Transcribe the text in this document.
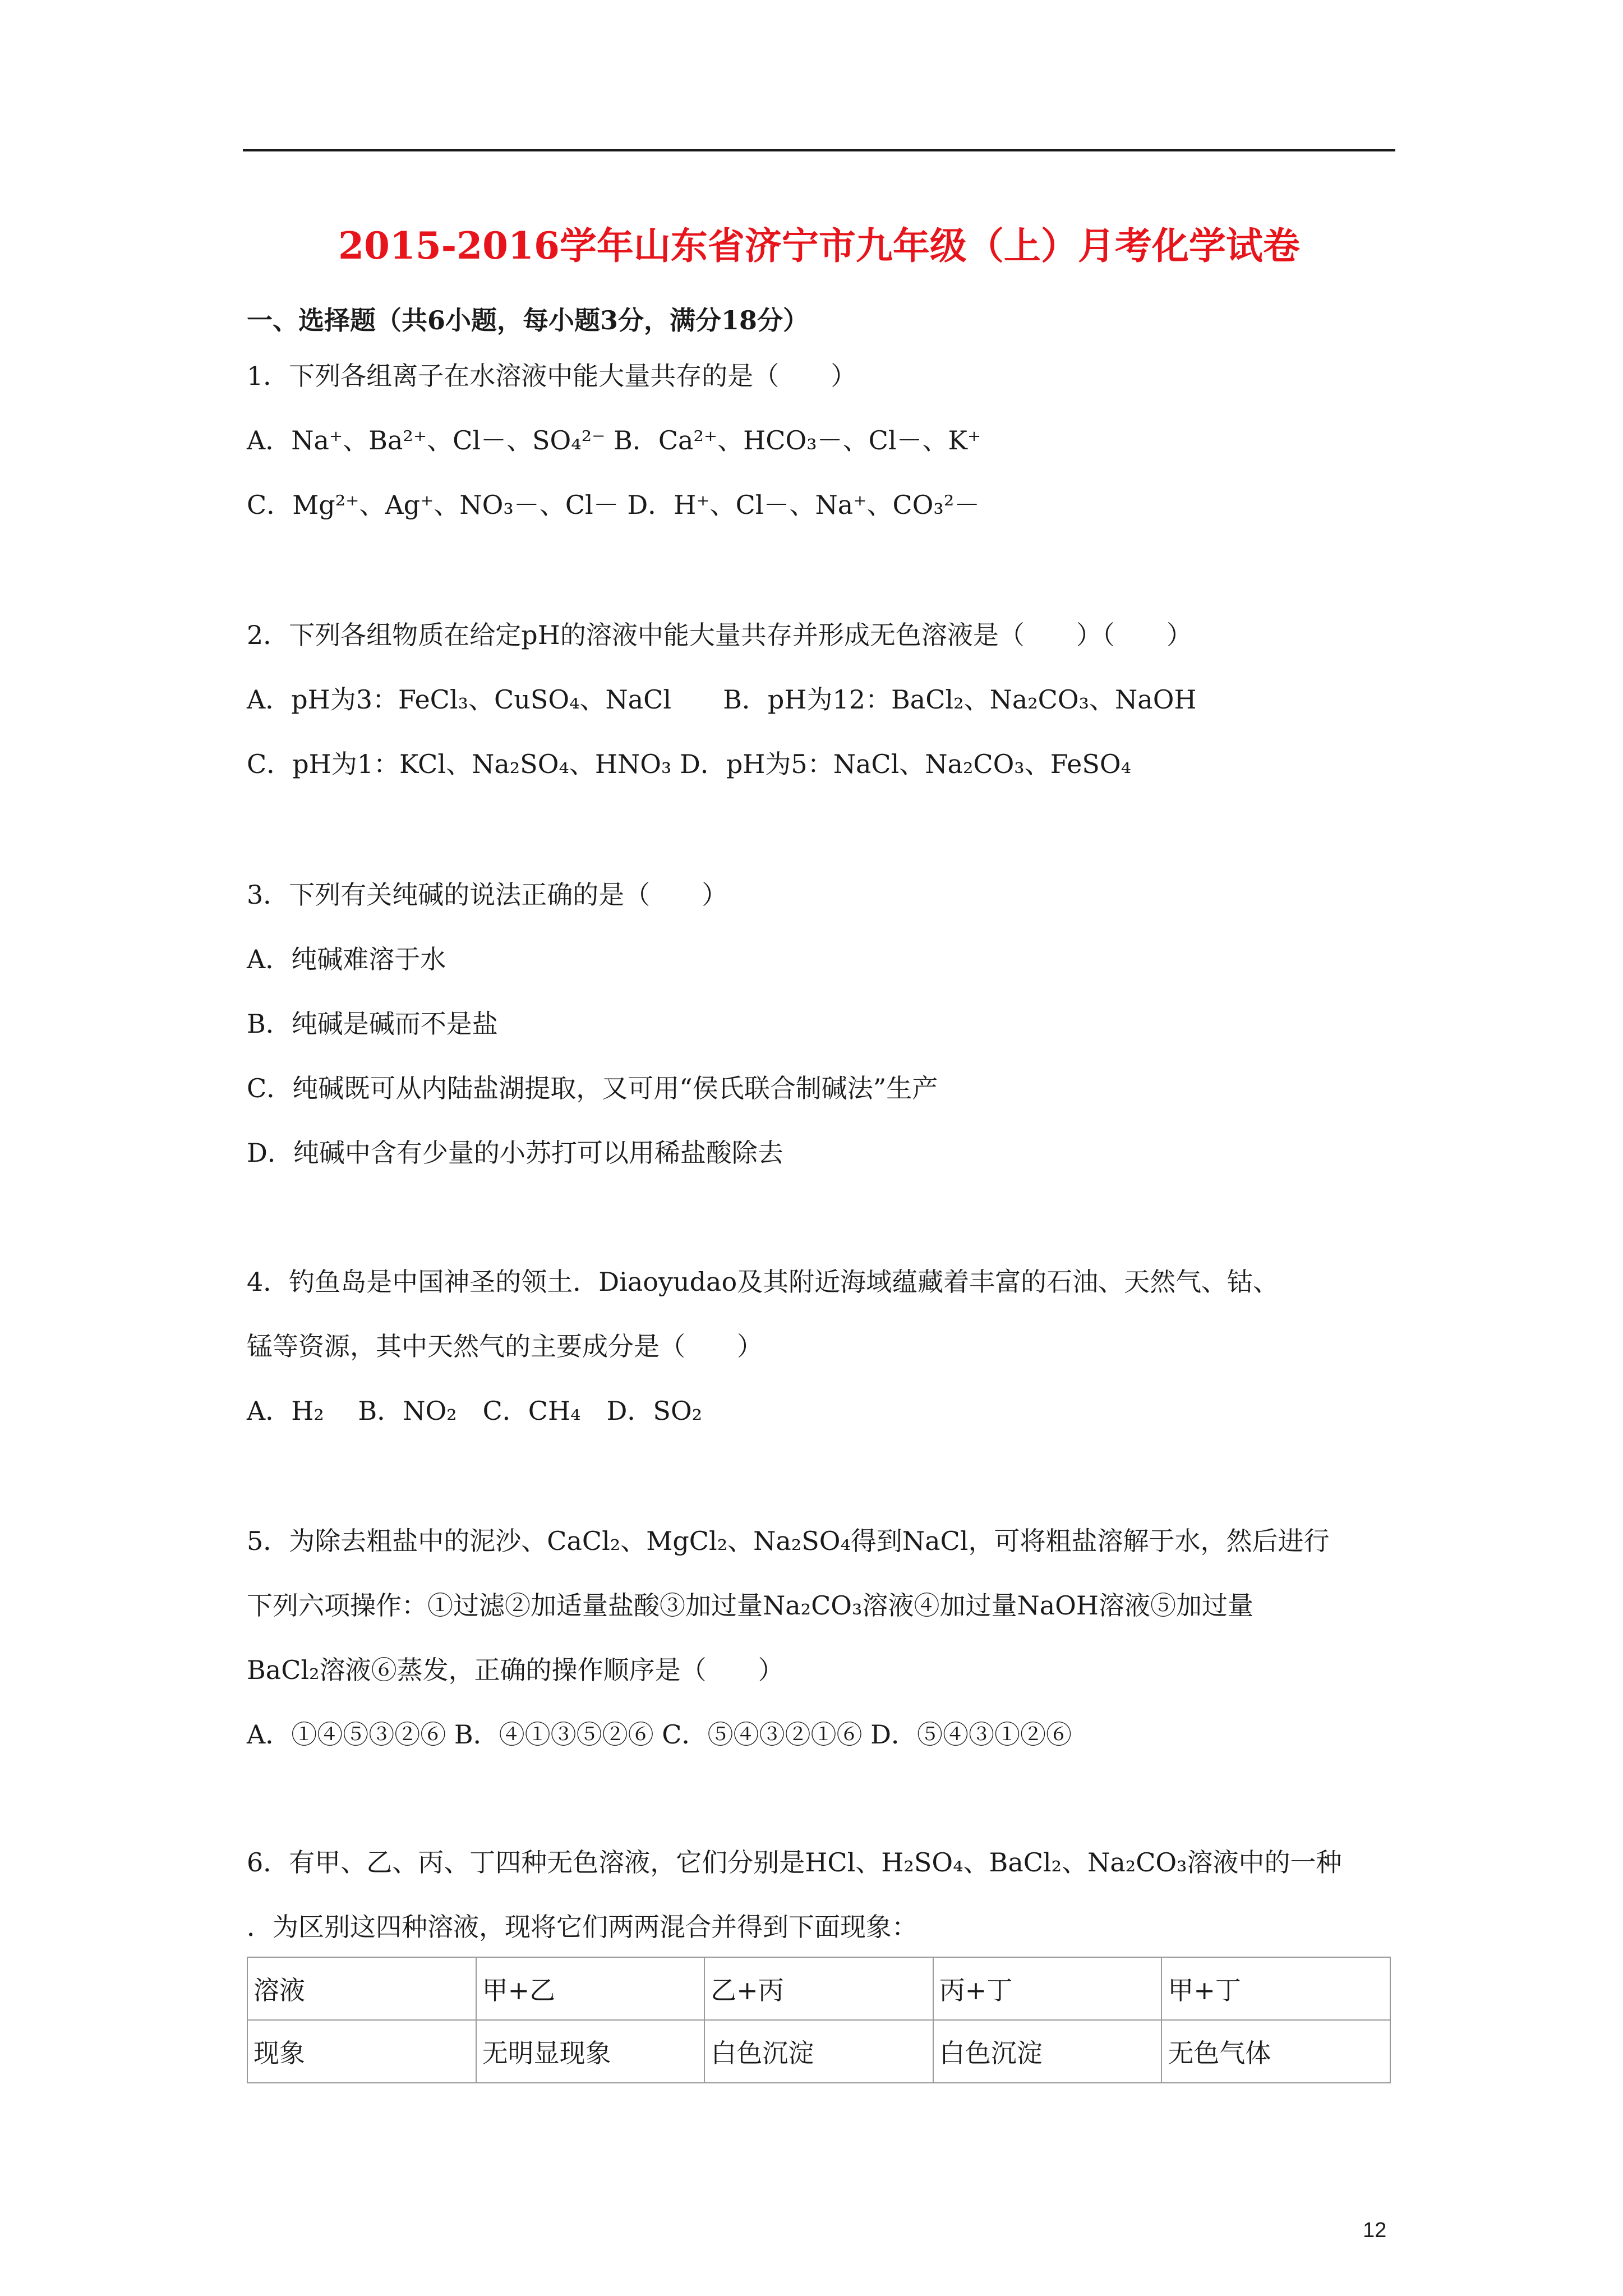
2015-2016学年山东省济宁市九年级（上）月考化学试卷
一、选择题（共6小题，每小题3分，满分18分）
1．下列各组离子在水溶液中能大量共存的是（　　）
A．Na⁺、Ba²⁺、Cl－、SO₄²⁻ B．Ca²⁺、HCO₃－、Cl－、K⁺
C．Mg²⁺、Ag⁺、NO₃－、Cl－ D．H⁺、Cl－、Na⁺、CO₃²－
2．下列各组物质在给定pH的溶液中能大量共存并形成无色溶液是（　　）（　　）
A．pH为3：FeCl₃、CuSO₄、NaCl　　B．pH为12：BaCl₂、Na₂CO₃、NaOH
C．pH为1：KCl、Na₂SO₄、HNO₃ D．pH为5：NaCl、Na₂CO₃、FeSO₄
3．下列有关纯碱的说法正确的是（　　）
A．纯碱难溶于水
B．纯碱是碱而不是盐
C．纯碱既可从内陆盐湖提取，又可用“侯氏联合制碱法”生产
D．纯碱中含有少量的小苏打可以用稀盐酸除去
4．钓鱼岛是中国神圣的领土．Diaoyudao及其附近海域蕴藏着丰富的石油、天然气、钴、
锰等资源，其中天然气的主要成分是（　　）
A．H₂　 B．NO₂　C．CH₄　D．SO₂
5．为除去粗盐中的泥沙、CaCl₂、MgCl₂、Na₂SO₄得到NaCl，可将粗盐溶解于水，然后进行
下列六项操作：①过滤②加适量盐酸③加过量Na₂CO₃溶液④加过量NaOH溶液⑤加过量
BaCl₂溶液⑥蒸发，正确的操作顺序是（　　）
A．①④⑤③②⑥ B．④①③⑤②⑥ C．⑤④③②①⑥ D．⑤④③①②⑥
6．有甲、乙、丙、丁四种无色溶液，它们分别是HCl、H₂SO₄、BaCl₂、Na₂CO₃溶液中的一种
．为区别这四种溶液，现将它们两两混合并得到下面现象：
溶液	甲+乙	乙+丙	丙+丁	甲+丁
现象	无明显现象	白色沉淀	白色沉淀	无色气体
12
